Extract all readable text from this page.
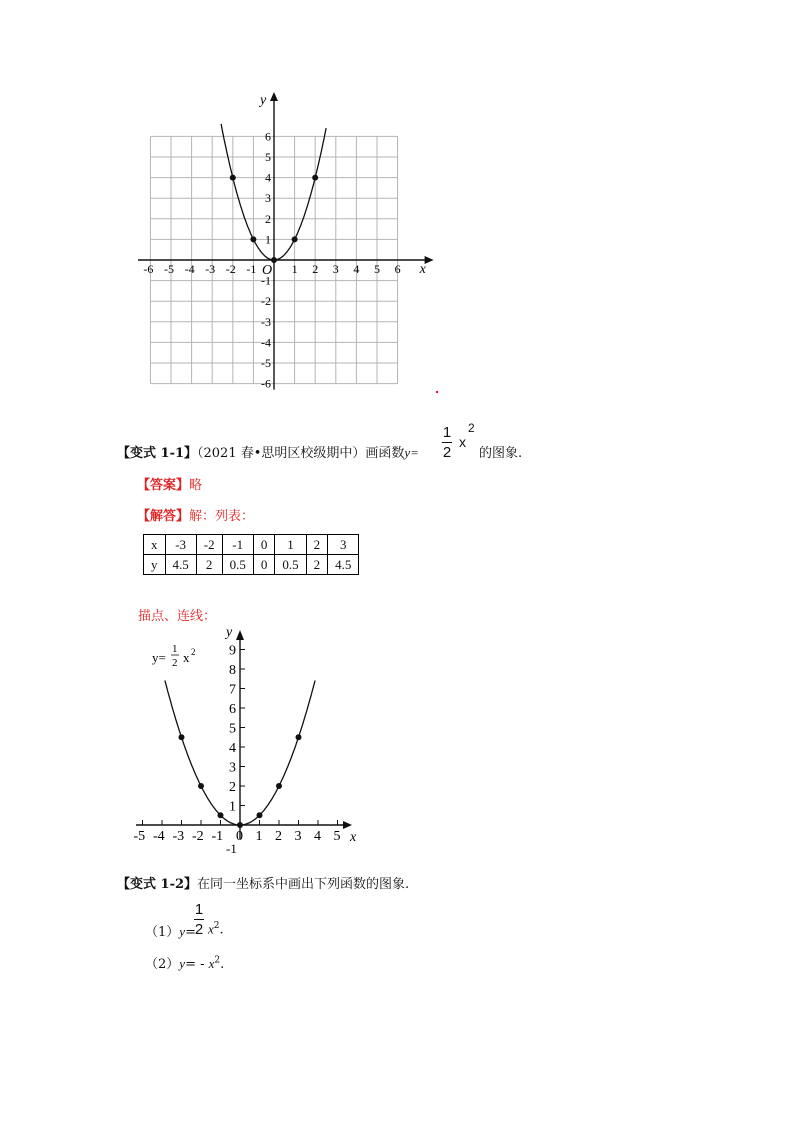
-6 -5 -4 -3 -2 -1	1 2 3 4 5 6
6
5
4
3
2
1
-1
-2
-3
-4
-5
-6
x
y
O
【变式 1-1】（2021 春•思明区校级期中）画函数y=
1
2
x
2
的图象.
【答案】略
【解答】解：列表：
x	-3	-2	-1	0	1	2	3
y	4.5	2	0.5	0	0.5	2	4.5
描点、连线：
-5 -4 -3 -2 -1 0 1 2 3 4 5
1
2
3
4
5
6
7
8
9
x
y
-1
y=
1
2 x 2
【变式 1-2】在同一坐标系中画出下列函数的图象.
（1）y=
1
2 $x^2$.
$(2)y= - x^2$.
